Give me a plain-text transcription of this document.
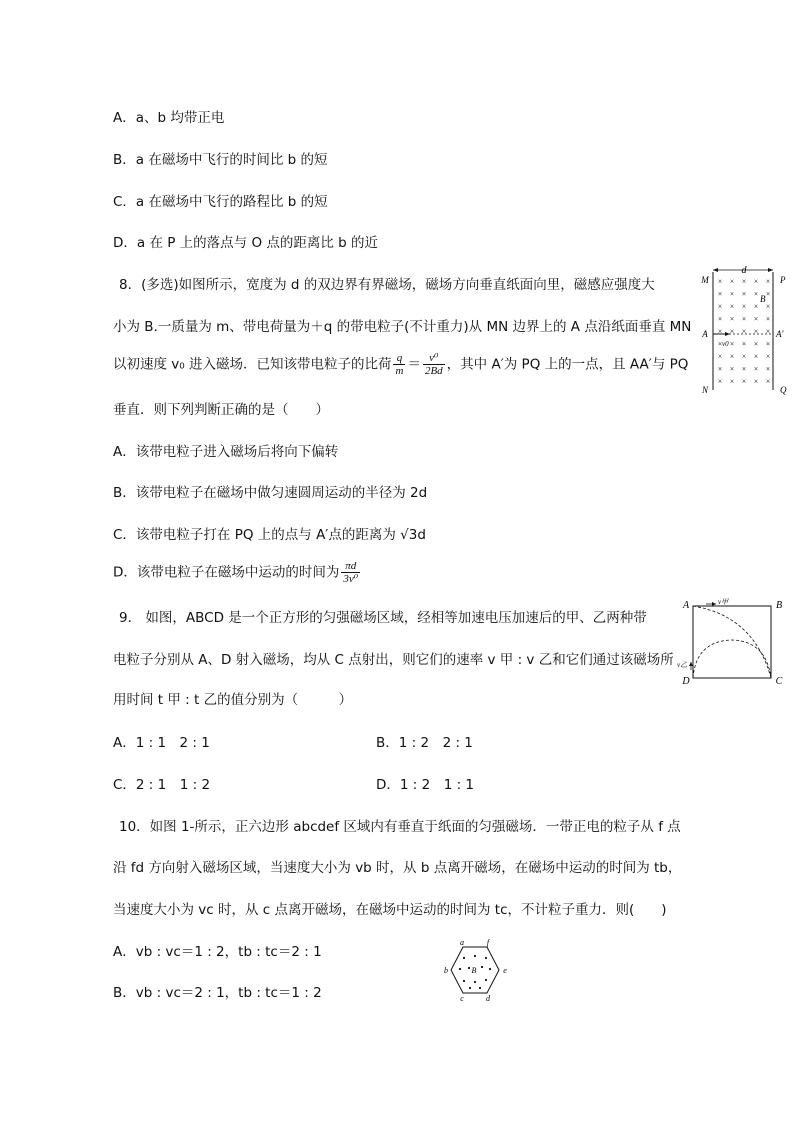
A．a、b 均带正电
B．a 在磁场中飞行的时间比 b 的短
C．a 在磁场中飞行的路程比 b 的短
D．a 在 P 上的落点与 O 点的距离比 b 的近
8．(多选)如图所示，宽度为 d 的双边界有界磁场，磁场方向垂直纸面向里，磁感应强度大
小为 B.一质量为 m、带电荷量为＋q 的带电粒子(不计重力)从 MN 边界上的 A 点沿纸面垂直 MN
以初速度 v₀ 进入磁场．已知该带电粒子的比荷 $\frac{q}{m} = \frac{\text{v⁰}}{2Bd}$ ，其中 A′为 PQ 上的一点，且 AA′与 PQ
垂直．则下列判断正确的是（　　）
A．该带电粒子进入磁场后将向下偏转
B．该带电粒子在磁场中做匀速圆周运动的半径为 2d
C．该带电粒子打在 PQ 上的点与 A′点的距离为 √3d
D．该带电粒子在磁场中运动的时间为 $\frac{\pi d}{\text{3v⁰}}$
× × × × ×
× × × × ×
× × × × ×
× × × × ×
× × × × ×
× × × × ×
× × × × ×
× × × × ×
× × × × ×
d
M	P
N	Q
A	A′
B
v0
9． 如图，ABCD 是一个正方形的匀强磁场区域，经相等加速电压加速后的甲、乙两种带
电粒子分别从 A、D 射入磁场，均从 C 点射出，则它们的速率 v 甲 : v 乙和它们通过该磁场所
用时间 t 甲 : t 乙的值分别为（　　　）
A．1 : 1　2 : 1	B．1 : 2　2 : 1
C．2 : 1　1 : 2	D．1 : 2　1 : 1
A	B
C
D
v甲
v乙
10．如图 1-所示，正六边形 abcdef 区域内有垂直于纸面的匀强磁场．一带正电的粒子从 f 点
沿 fd 方向射入磁场区域，当速度大小为 vb 时，从 b 点离开磁场，在磁场中运动的时间为 tb，
当速度大小为 vc 时，从 c 点离开磁场，在磁场中运动的时间为 tc，不计粒子重力．则(　　)
A．vb : vc＝1 : 2，tb : tc＝2 : 1
B．vb : vc＝2 : 1，tb : tc＝1 : 2
a	f
b	e
c	d
B
